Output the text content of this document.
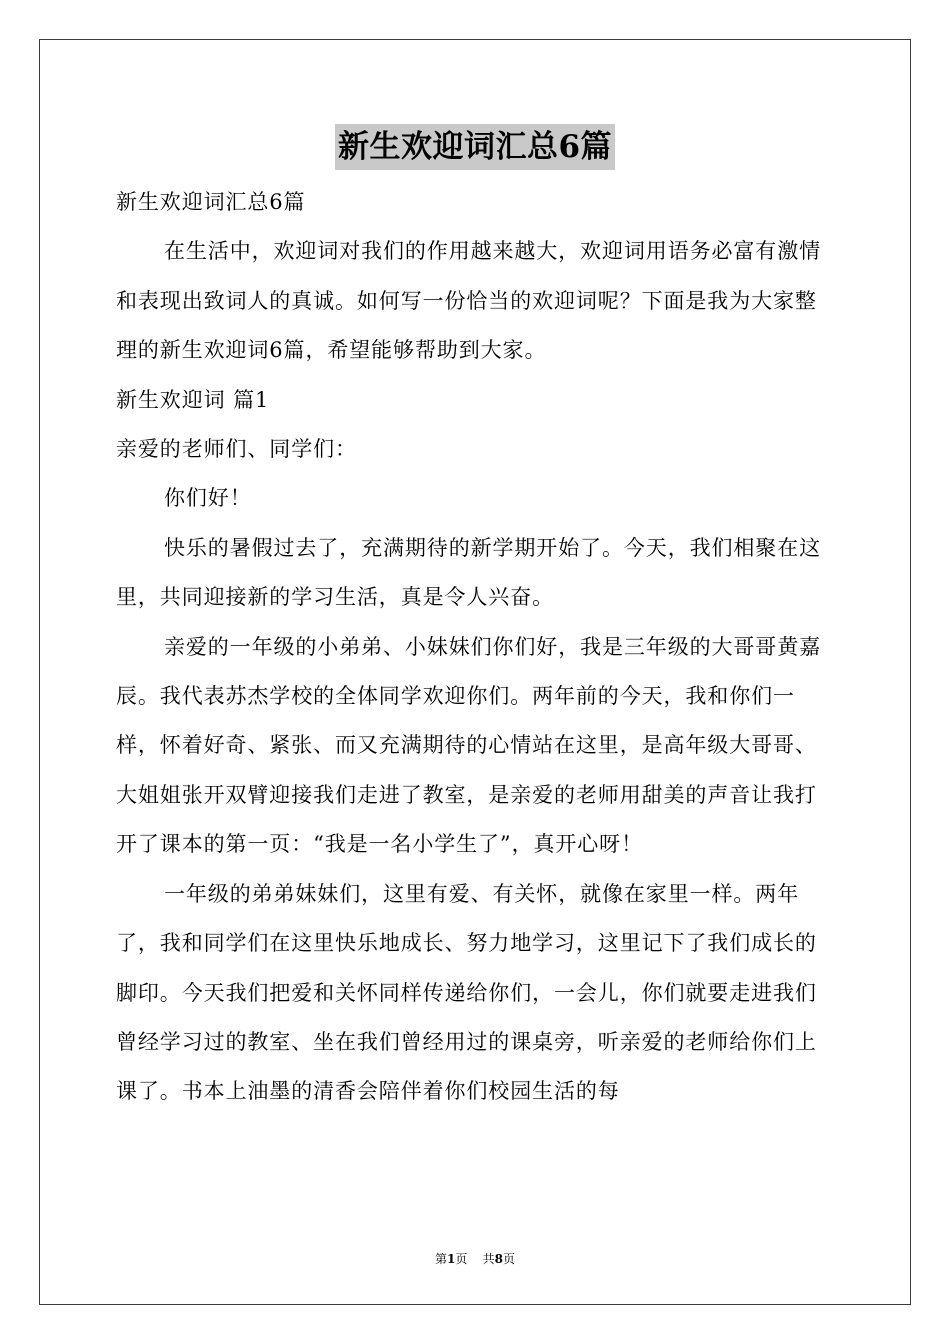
新生欢迎词汇总6篇

新生欢迎词汇总6篇

在生活中，欢迎词对我们的作用越来越大，欢迎词用语务必富有激情和表现出致词人的真诚。如何写一份恰当的欢迎词呢？下面是我为大家整理的新生欢迎词6篇，希望能够帮助到大家。

新生欢迎词 篇1

亲爱的老师们、同学们：

你们好！

快乐的暑假过去了，充满期待的新学期开始了。今天，我们相聚在这里，共同迎接新的学习生活，真是令人兴奋。

亲爱的一年级的小弟弟、小妹妹们你们好，我是三年级的大哥哥黄嘉辰。我代表苏杰学校的全体同学欢迎你们。两年前的今天，我和你们一样，怀着好奇、紧张、而又充满期待的心情站在这里，是高年级大哥哥、大姐姐张开双臂迎接我们走进了教室，是亲爱的老师用甜美的声音让我打开了课本的第一页：“我是一名小学生了”，真开心呀！

一年级的弟弟妹妹们，这里有爱、有关怀，就像在家里一样。两年了，我和同学们在这里快乐地成长、努力地学习，这里记下了我们成长的脚印。今天我们把爱和关怀同样传递给你们，一会儿，你们就要走进我们曾经学习过的教室、坐在我们曾经用过的课桌旁，听亲爱的老师给你们上课了。书本上油墨的清香会陪伴着你们校园生活的每

第1页 共8页
